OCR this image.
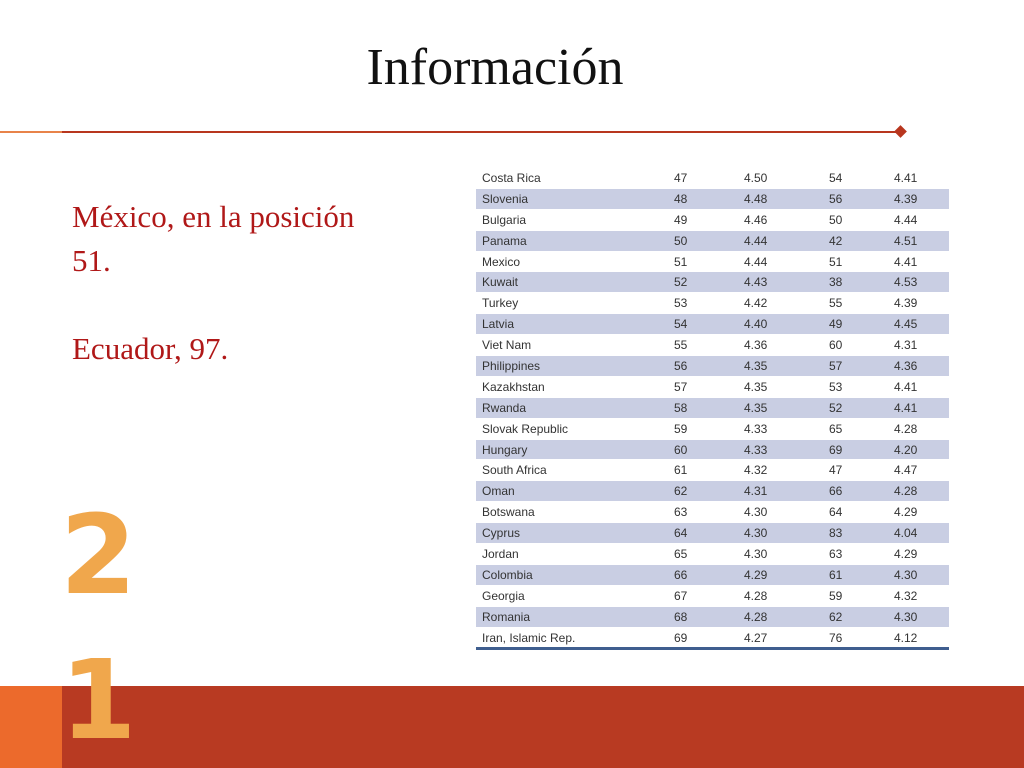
Información

México, en la posición

51.

Ecuador, 97.

Costa Rica	47	4.50	54	4.41
Slovenia	48	4.48	56	4.39
Bulgaria	49	4.46	50	4.44
Panama	50	4.44	42	4.51
Mexico	51	4.44	51	4.41
Kuwait	52	4.43	38	4.53
Turkey	53	4.42	55	4.39
Latvia	54	4.40	49	4.45
Viet Nam	55	4.36	60	4.31
Philippines	56	4.35	57	4.36
Kazakhstan	57	4.35	53	4.41
Rwanda	58	4.35	52	4.41
Slovak Republic	59	4.33	65	4.28
Hungary	60	4.33	69	4.20
South Africa	61	4.32	47	4.47
Oman	62	4.31	66	4.28
Botswana	63	4.30	64	4.29
Cyprus	64	4.30	83	4.04
Jordan	65	4.30	63	4.29
Colombia	66	4.29	61	4.30
Georgia	67	4.28	59	4.32
Romania	68	4.28	62	4.30
Iran, Islamic Rep.	69	4.27	76	4.12
2
1
